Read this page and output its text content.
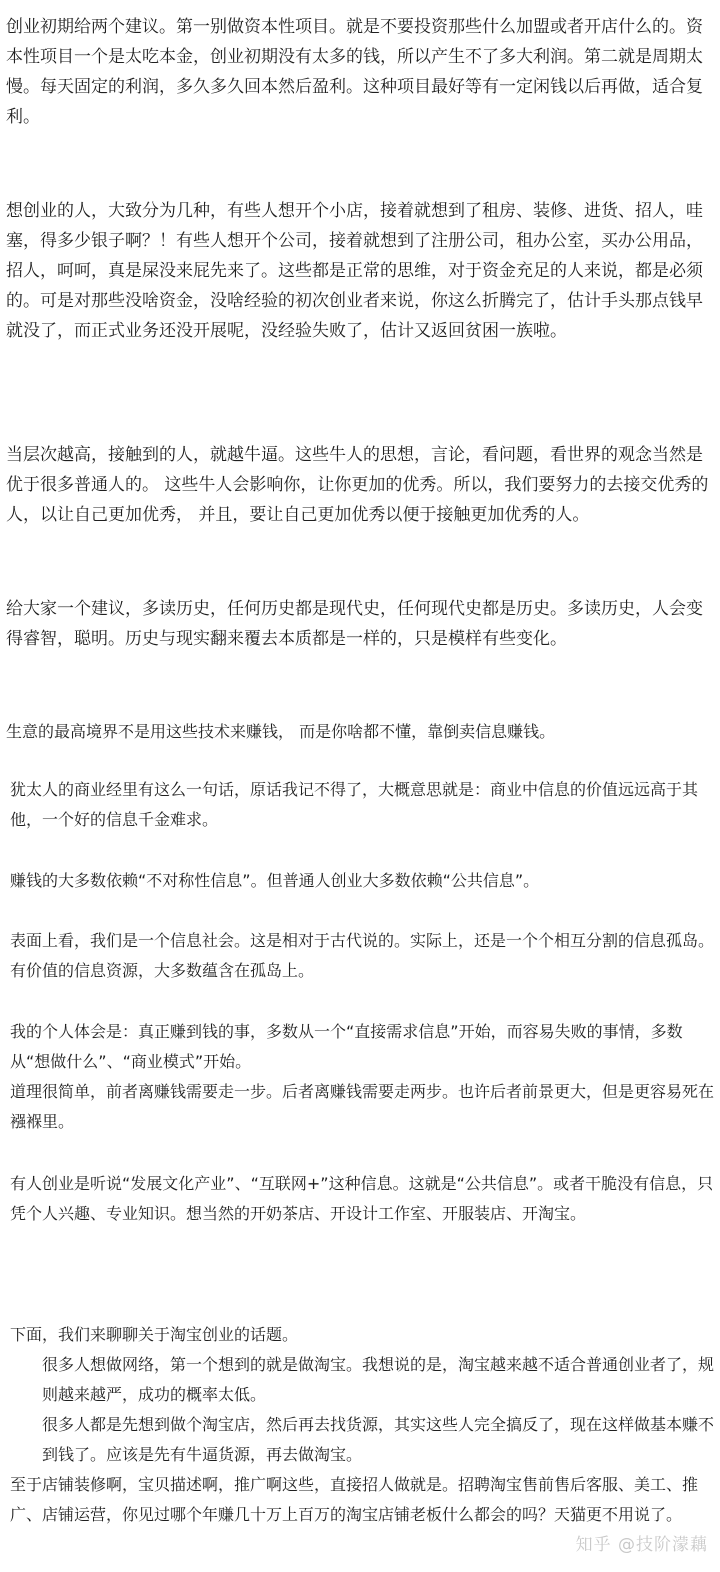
创业初期给两个建议。第一别做资本性项目。就是不要投资那些什么加盟或者开店什么的。资本性项目一个是太吃本金，创业初期没有太多的钱，所以产生不了多大利润。第二就是周期太慢。每天固定的利润，多久多久回本然后盈利。这种项目最好等有一定闲钱以后再做，适合复利。

想创业的人，大致分为几种，有些人想开个小店，接着就想到了租房、装修、进货、招人，哇塞，得多少银子啊？！有些人想开个公司，接着就想到了注册公司，租办公室，买办公用品，招人，呵呵，真是屎没来屁先来了。这些都是正常的思维，对于资金充足的人来说，都是必须的。可是对那些没啥资金，没啥经验的初次创业者来说，你这么折腾完了，估计手头那点钱早就没了，而正式业务还没开展呢，没经验失败了，估计又返回贫困一族啦。

当层次越高，接触到的人，就越牛逼。这些牛人的思想，言论，看问题，看世界的观念当然是优于很多普通人的。 这些牛人会影响你，让你更加的优秀。所以，我们要努力的去接交优秀的人，以让自己更加优秀， 并且，要让自己更加优秀以便于接触更加优秀的人。

给大家一个建议，多读历史，任何历史都是现代史，任何现代史都是历史。多读历史，人会变得睿智，聪明。历史与现实翻来覆去本质都是一样的，只是模样有些变化。

生意的最高境界不是用这些技术来赚钱， 而是你啥都不懂，靠倒卖信息赚钱。

犹太人的商业经里有这么一句话，原话我记不得了，大概意思就是：商业中信息的价值远远高于其他，一个好的信息千金难求。

赚钱的大多数依赖“不对称性信息”。但普通人创业大多数依赖“公共信息”。

表面上看，我们是一个信息社会。这是相对于古代说的。实际上，还是一个个相互分割的信息孤岛。有价值的信息资源，大多数蕴含在孤岛上。

我的个人体会是：真正赚到钱的事，多数从一个“直接需求信息”开始，而容易失败的事情，多数从“想做什么”、“商业模式”开始。
道理很简单，前者离赚钱需要走一步。后者离赚钱需要走两步。也许后者前景更大，但是更容易死在襁褓里。

有人创业是听说“发展文化产业”、“互联网+”这种信息。这就是“公共信息”。或者干脆没有信息，只凭个人兴趣、专业知识。想当然的开奶茶店、开设计工作室、开服装店、开淘宝。

下面，我们来聊聊关于淘宝创业的话题。
很多人想做网络，第一个想到的就是做淘宝。我想说的是，淘宝越来越不适合普通创业者了，规则越来越严，成功的概率太低。
很多人都是先想到做个淘宝店，然后再去找货源，其实这些人完全搞反了，现在这样做基本赚不到钱了。应该是先有牛逼货源，再去做淘宝。
至于店铺装修啊，宝贝描述啊，推广啊这些，直接招人做就是。招聘淘宝售前售后客服、美工、推广、店铺运营，你见过哪个年赚几十万上百万的淘宝店铺老板什么都会的吗？天猫更不用说了。
知乎 @技阶濛藕
